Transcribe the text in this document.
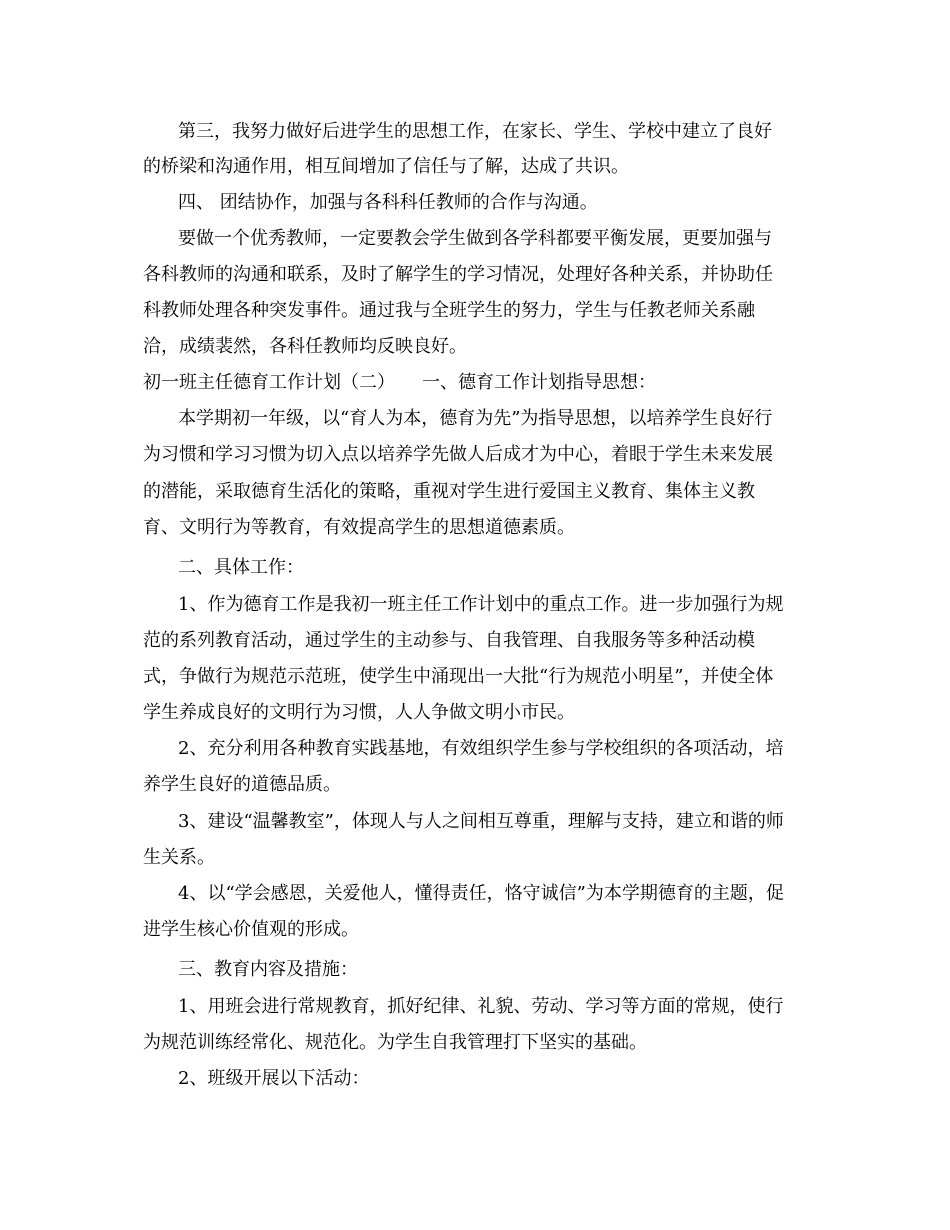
第三，我努力做好后进学生的思想工作，在家长、学生、学校中建立了良好

的桥梁和沟通作用，相互间增加了信任与了解，达成了共识。

四、 团结协作，加强与各科科任教师的合作与沟通。

要做一个优秀教师，一定要教会学生做到各学科都要平衡发展，更要加强与

各科教师的沟通和联系，及时了解学生的学习情况，处理好各种关系，并协助任

科教师处理各种突发事件。通过我与全班学生的努力，学生与任教老师关系融

洽，成绩裴然，各科任教师均反映良好。

初一班主任德育工作计划（二）　　一、德育工作计划指导思想：

本学期初一年级，以“育人为本，德育为先”为指导思想，以培养学生良好行

为习惯和学习习惯为切入点以培养学先做人后成才为中心，着眼于学生未来发展

的潜能，采取德育生活化的策略，重视对学生进行爱国主义教育、集体主义教

育、文明行为等教育，有效提高学生的思想道德素质。

二、具体工作：

1、作为德育工作是我初一班主任工作计划中的重点工作。进一步加强行为规

范的系列教育活动，通过学生的主动参与、自我管理、自我服务等多种活动模

式，争做行为规范示范班，使学生中涌现出一大批“行为规范小明星”，并使全体

学生养成良好的文明行为习惯，人人争做文明小市民。

2、充分利用各种教育实践基地，有效组织学生参与学校组织的各项活动，培

养学生良好的道德品质。

3、建设“温馨教室”，体现人与人之间相互尊重，理解与支持，建立和谐的师

生关系。

4、以“学会感恩，关爱他人，懂得责任，恪守诚信”为本学期德育的主题，促

进学生核心价值观的形成。

三、教育内容及措施：

1、用班会进行常规教育，抓好纪律、礼貌、劳动、学习等方面的常规，使行

为规范训练经常化、规范化。为学生自我管理打下坚实的基础。

2、班级开展以下活动：
